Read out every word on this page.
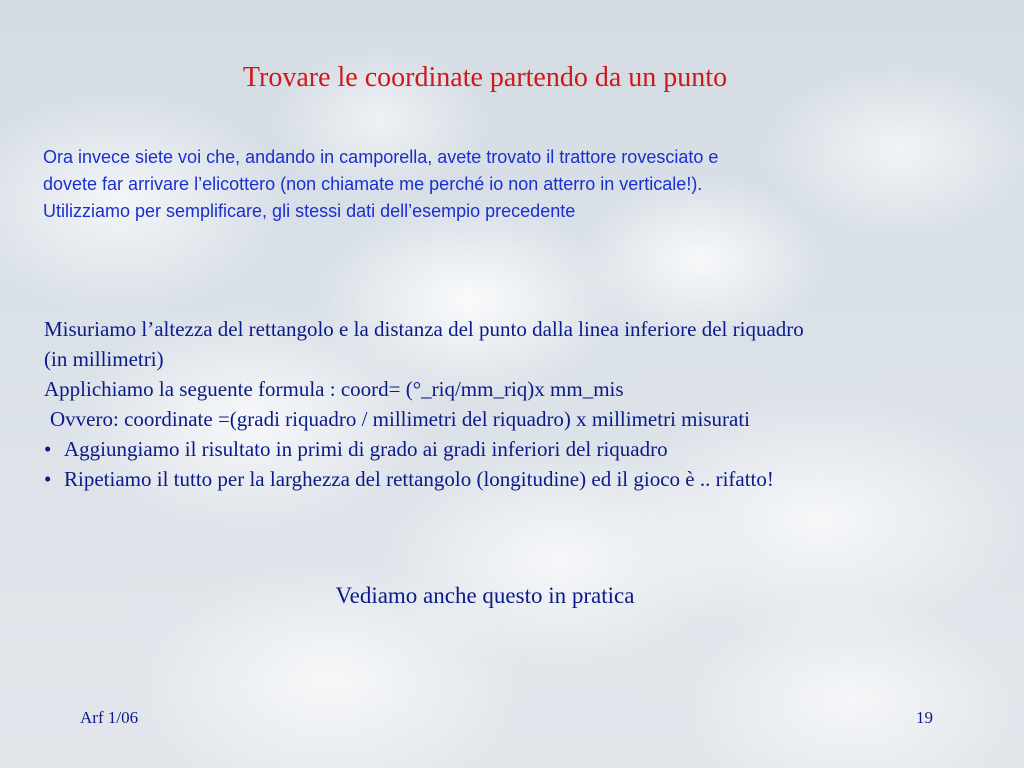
Trovare le coordinate partendo da un punto
Ora invece siete voi che, andando in camporella, avete trovato il trattore rovesciato e
dovete far arrivare l’elicottero (non chiamate me perché io non atterro in verticale!).
Utilizziamo per semplificare, gli stessi dati dell’esempio precedente
Misuriamo l’altezza del rettangolo e la distanza del punto dalla linea inferiore del riquadro
(in millimetri)
Applichiamo la seguente formula : coord= (°_riq/mm_riq)x mm_mis
Ovvero: coordinate =(gradi riquadro / millimetri del riquadro) x millimetri misurati
• Aggiungiamo il risultato in primi di grado ai gradi inferiori del riquadro
• Ripetiamo il tutto per la larghezza del rettangolo (longitudine) ed il gioco è .. rifatto!
Vediamo anche questo in pratica
Arf 1/06	19
